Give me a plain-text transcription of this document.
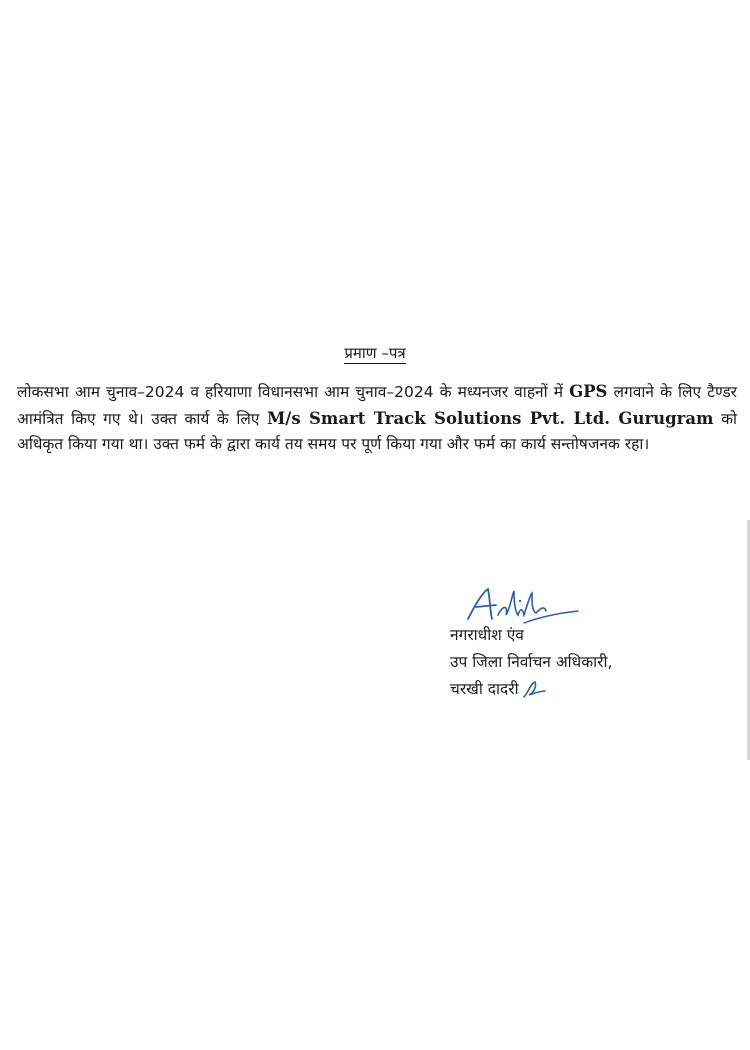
प्रमाण –पत्र
लोकसभा आम चुनाव–2024 व हरियाणा विधानसभा आम चुनाव–2024 के मध्यनजर वाहनों में GPS लगवाने के लिए टैण्डर आमंत्रित किए गए थे। उक्त कार्य के लिए M/s Smart Track Solutions Pvt. Ltd. Gurugram को अधिकृत किया गया था। उक्त फर्म के द्वारा कार्य तय समय पर पूर्ण किया गया और फर्म का कार्य सन्तोषजनक रहा।
नगराधीश एंव
उप जिला निर्वाचन अधिकारी,
चरखी दादरी
